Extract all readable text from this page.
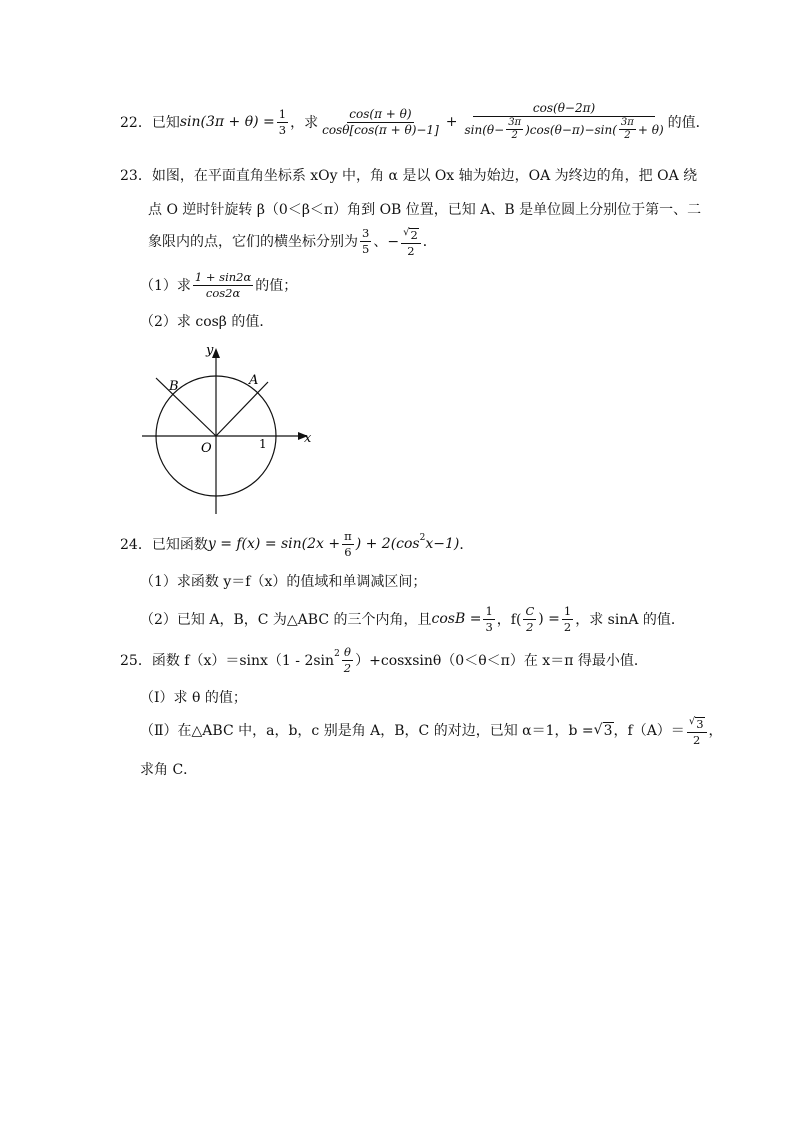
22． 已知 $\sin(3\pi + \theta) = \frac{1}{3}$ ，求 $\frac{\cos(\pi + \theta)}{\cos\theta[\cos(\pi + \theta)-1]} + \frac{\cos(\theta-2\pi)}{\sin(\theta- \frac{3\pi}{2} )\cos(\theta-\pi)-\sin( \frac{3\pi}{2} + \theta)}$ 的值．
23． 如图，在平面直角坐标系 xOy 中，角 α 是以 Ox 轴为始边，OA 为终边的角，把 OA 绕
点 O 逆时针旋转 β（0＜β＜π）角到 OB 位置，已知 A、B 是单位圆上分别位于第一、二
象限内的点，它们的横坐标分别为 $\frac{3}{5}$ 、− $\frac{√ 2}{2}$ ．
（1）求 $\frac{1 + \sin 2\alpha}{\cos 2\alpha}$ 的值；
（2）求 cosβ 的值．
y
x
A
B
O	1
24． 已知函数 $y = f(x) = \sin(2x + \frac{\pi}{6}$ ) + 2(cos 2 x−1) ．
（1）求函数 y＝f（x）的值域和单调减区间；
（2）已知 A，B，C 为△ABC 的三个内角，且 $\cos B = \frac{1}{3}$ ，$f( \frac{C}{2}$ ) = $\frac{1}{2}$ ，求 sinA 的值．
25． 函数 f（x）＝sinx（1 - 2sin $2 \frac{\theta}{2}$ ）+cosxsinθ（0＜θ＜π）在 x＝π 得最小值．
（Ⅰ）求 θ 的值；
（Ⅱ）在△ABC 中，a，b，c 别是角 A，B，C 的对边，已知 α＝1，b = √ 3 ，$f(A)= \frac{√ 3}{2}$ ，
求角 C．
